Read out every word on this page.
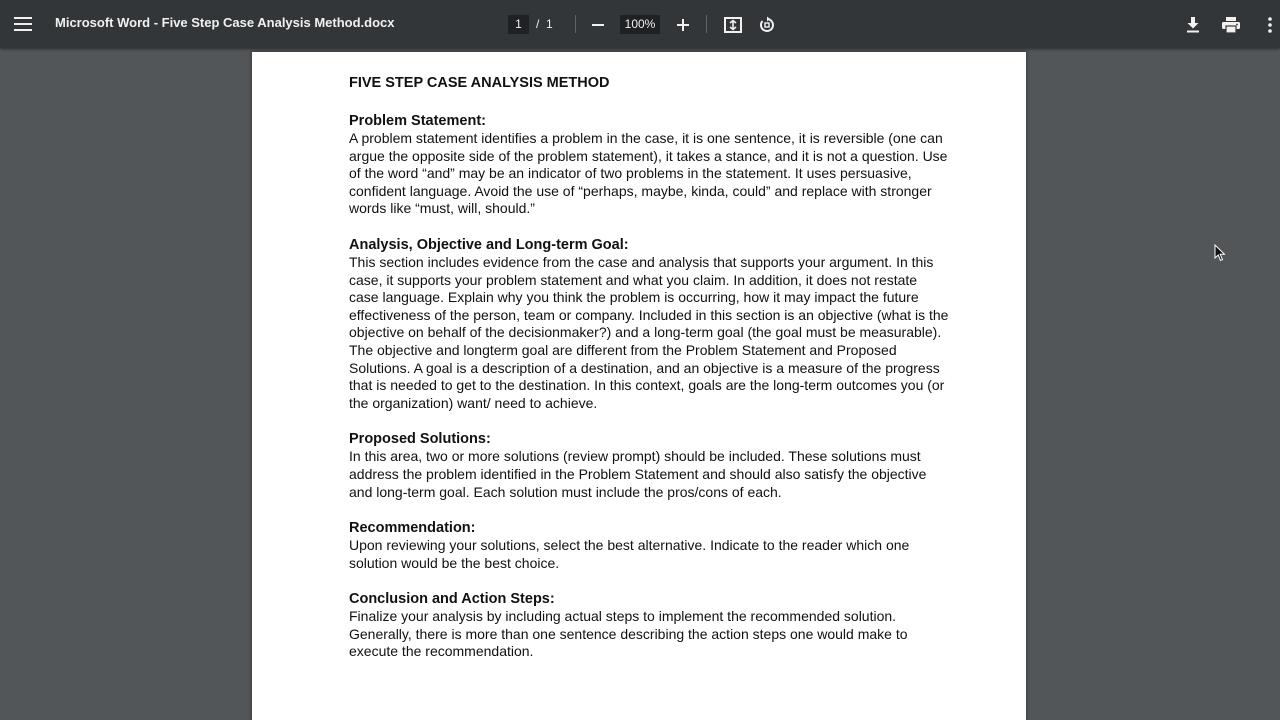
Microsoft Word - Five Step Case Analysis Method.docx	1	/ 1	100%

FIVE STEP CASE ANALYSIS METHOD

Problem Statement:

A problem statement identifies a problem in the case, it is one sentence, it is reversible (one can argue the opposite side of the problem statement), it takes a stance, and it is not a question. Use of the word “and” may be an indicator of two problems in the statement. It uses persuasive, confident language. Avoid the use of “perhaps, maybe, kinda, could” and replace with stronger words like “must, will, should.”

Analysis, Objective and Long-term Goal:

This section includes evidence from the case and analysis that supports your argument. In this case, it supports your problem statement and what you claim. In addition, it does not restate case language. Explain why you think the problem is occurring, how it may impact the future effectiveness of the person, team or company. Included in this section is an objective (what is the objective on behalf of the decisionmaker?) and a long-term goal (the goal must be measurable). The objective and longterm goal are different from the Problem Statement and Proposed Solutions. A goal is a description of a destination, and an objective is a measure of the progress that is needed to get to the destination. In this context, goals are the long-term outcomes you (or the organization) want/ need to achieve.

Proposed Solutions:

In this area, two or more solutions (review prompt) should be included. These solutions must address the problem identified in the Problem Statement and should also satisfy the objective and long-term goal. Each solution must include the pros/cons of each.

Recommendation:

Upon reviewing your solutions, select the best alternative. Indicate to the reader which one solution would be the best choice.

Conclusion and Action Steps:

Finalize your analysis by including actual steps to implement the recommended solution. Generally, there is more than one sentence describing the action steps one would make to execute the recommendation.
